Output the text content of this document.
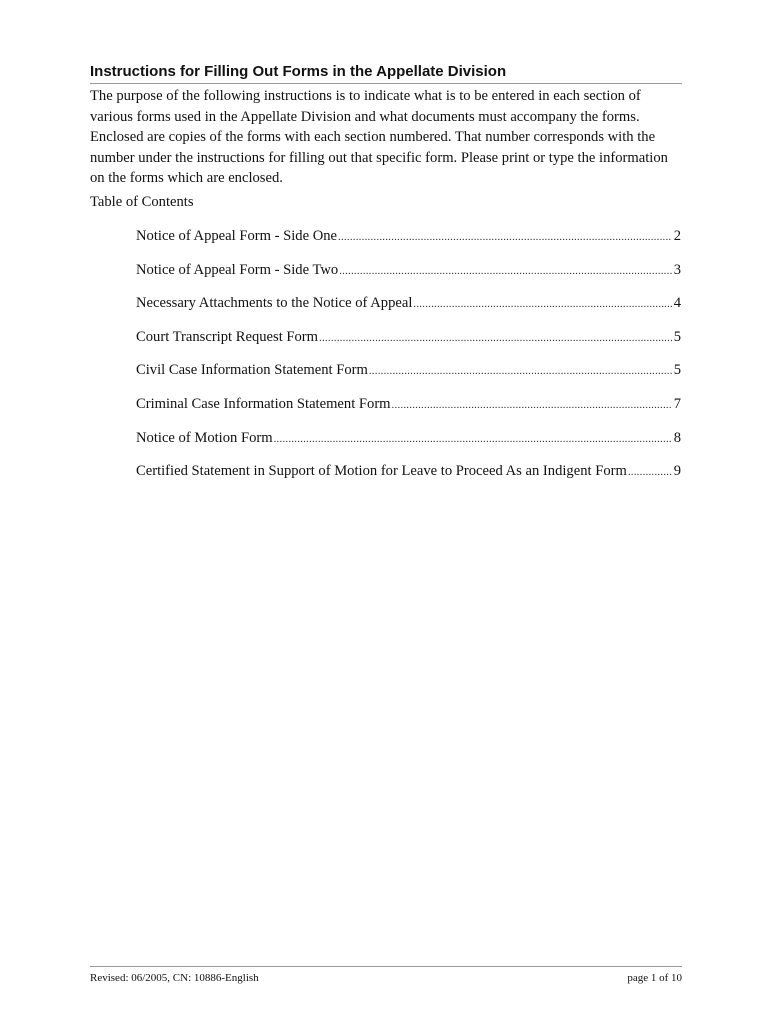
Instructions for Filling Out Forms in the Appellate Division

The purpose of the following instructions is to indicate what is to be entered in each section of various forms used in the Appellate Division and what documents must accompany the forms. Enclosed are copies of the forms with each section numbered. That number corresponds with the number under the instructions for filling out that specific form. Please print or type the information on the forms which are enclosed.

Table of Contents
Notice of Appeal Form - Side One .....	2
Notice of Appeal Form - Side Two .....	3
Necessary Attachments to the Notice of Appeal .....	4
Court Transcript Request Form .....	5
Civil Case Information Statement Form .....	5
Criminal Case Information Statement Form .....	7
Notice of Motion Form .....	8
Certified Statement in Support of Motion for Leave to Proceed As an Indigent Form .....	9
Revised: 06/2005, CN: 10886-English	page 1 of 10
